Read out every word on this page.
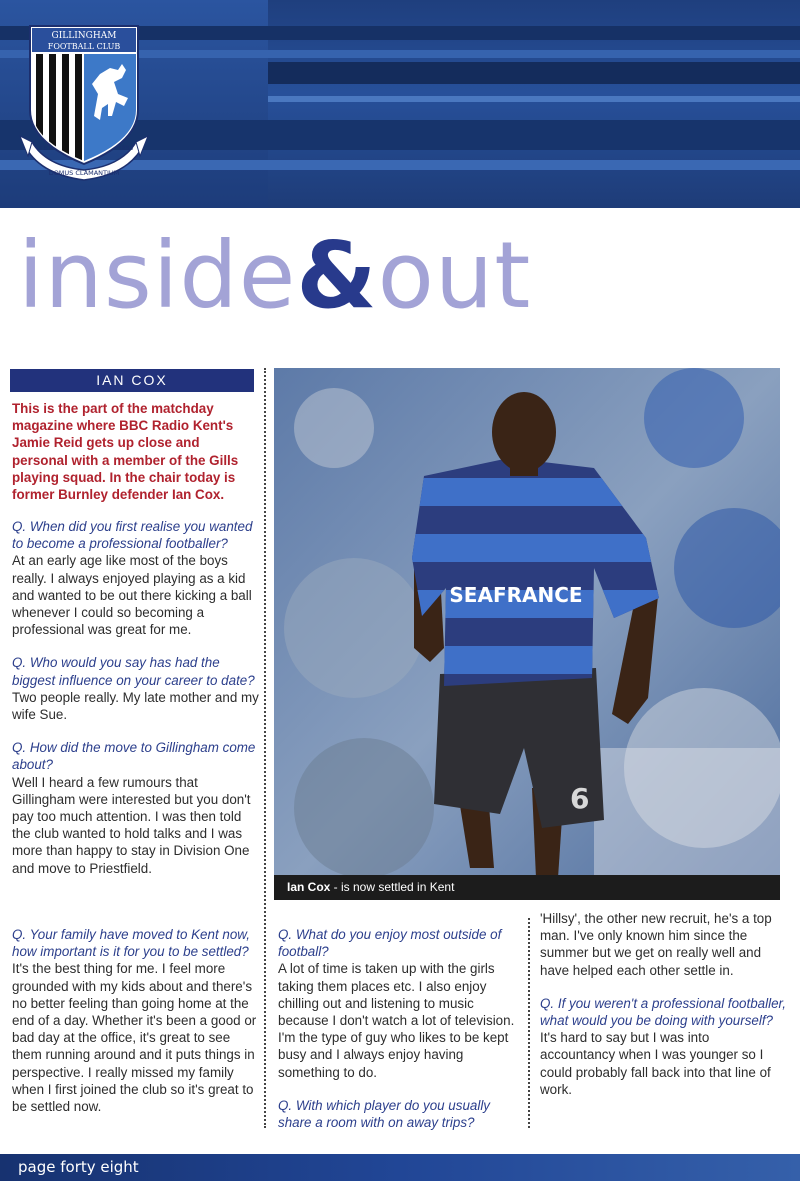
GILLINGHAM
FOOTBALL CLUB
EST	1893
DOMUS CLAMANTIUM
inside&out
IAN COX
This is the part of the matchday magazine where BBC Radio Kent's Jamie Reid gets up close and personal with a member of the Gills playing squad. In the chair today is former Burnley defender Ian Cox.
Q. When did you first realise you wanted to become a professional footballer?
At an early age like most of the boys really. I always enjoyed playing as a kid and wanted to be out there kicking a ball whenever I could so becoming a professional was great for me.
Q. Who would you say has had the biggest influence on your career to date?
Two people really. My late mother and my wife Sue.
Q. How did the move to Gillingham come about?
Well I heard a few rumours that Gillingham were interested but you don't pay too much attention. I was then told the club wanted to hold talks and I was more than happy to stay in Division One and move to Priestfield.
Q. Your family have moved to Kent now, how important is it for you to be settled?
It's the best thing for me. I feel more grounded with my kids about and there's no better feeling than going home at the end of a day. Whether it's been a good or bad day at the office, it's great to see them running around and it puts things in perspective. I really missed my family when I first joined the club so it's great to be settled now.
6
SEAFRANCE
Ian Cox - is now settled in Kent
Q. What do you enjoy most outside of football?
A lot of time is taken up with the girls taking them places etc. I also enjoy chilling out and listening to music because I don't watch a lot of television. I'm the type of guy who likes to be kept busy and I always enjoy having something to do.
Q. With which player do you usually share a room with on away trips?
'Hillsy', the other new recruit, he's a top man. I've only known him since the summer but we get on really well and have helped each other settle in.
Q. If you weren't a professional footballer, what would you be doing with yourself?
It's hard to say but I was into accountancy when I was younger so I could probably fall back into that line of work.
page forty eight
